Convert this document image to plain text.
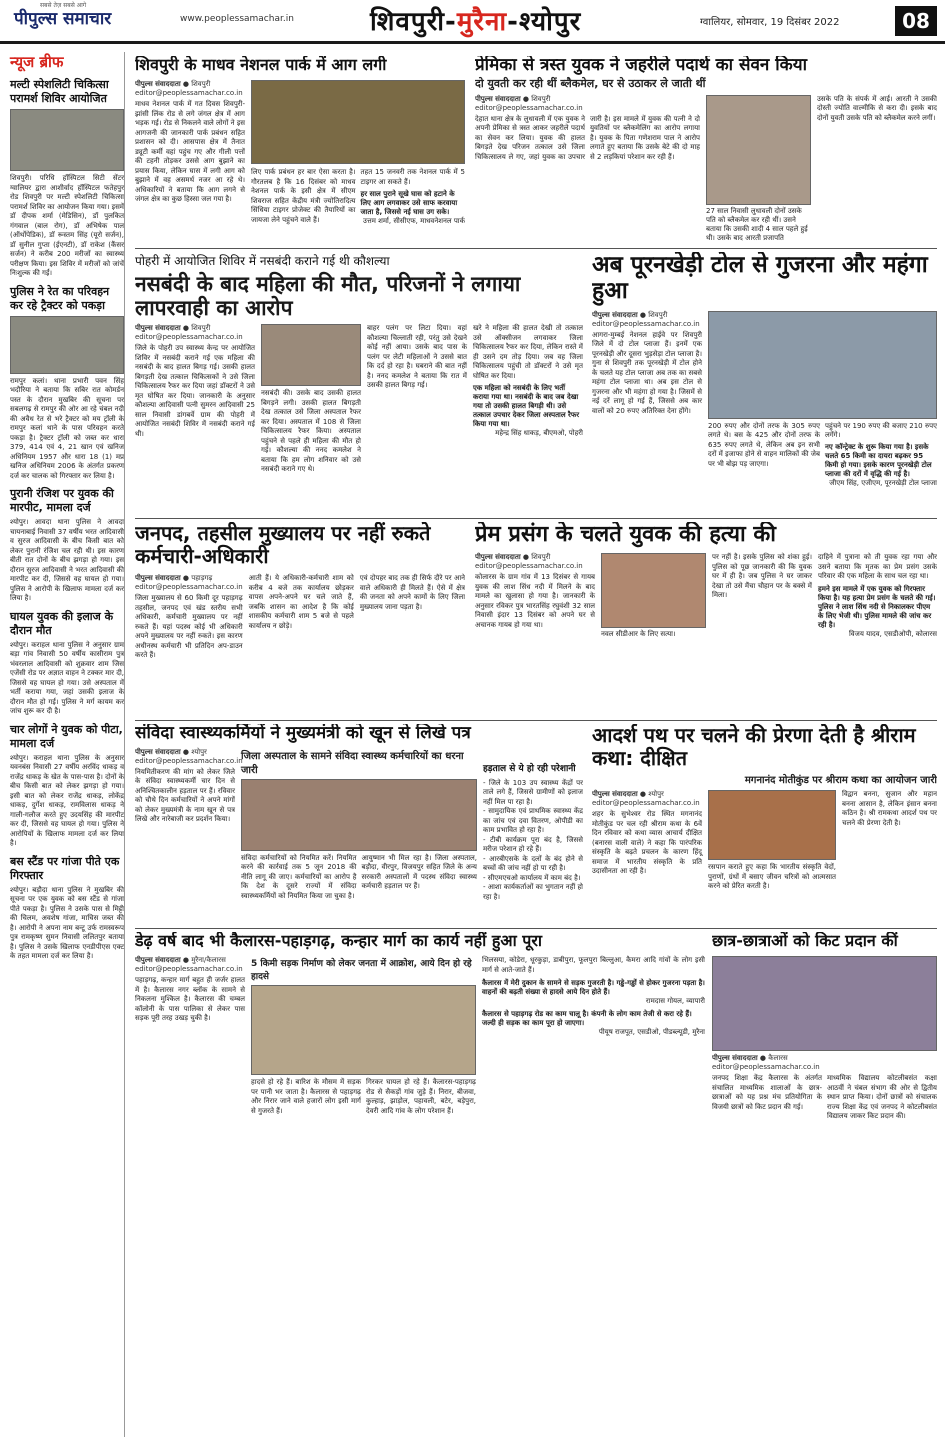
सबसे तेज़ सबसे आगे
पीपुल्स समाचार	www.peoplessamachar.in	शिवपुरी-मुरैना-श्योपुर	ग्वालियर, सोमवार, 19 दिसंबर 2022	08
न्यूज ब्रीफ
मल्टी स्पेशलिटी चिकित्सा परामर्श शिविर आयोजित
शिवपुरी। परिधि हॉस्पिटल सिटी सेंटर ग्वालियर द्वारा आशीर्वाद हॉस्पिटल फतेहपुर रोड शिवपुरी पर मल्टी स्पेशलिटी चिकित्सा परामर्श शिविर का आयोजन किया गया। इसमें डॉ दीपक शर्मा (मेडिसिन), डॉ पुलकित गंगवाल (बाल रोग), डॉ अभिषेक पाल (ऑर्थोपेडिक), डॉ रूस्तम सिंह (यूरो सर्जन), डॉ सुनील गुप्ता (ईएनटी), डॉ राकेश (कैंसर सर्जन) ने करीब 200 मरीजों का स्वास्थ्य परीक्षण किया। इस शिविर में मरीजों को जांचें निःशुल्क की गईं।
पुलिस ने रेत का परिवहन कर रहे ट्रैक्टर को पकड़ा
रामपुर कलां। थाना प्रभारी पवन सिंह भदौरिया ने बताया कि सबिर रात कोमर्डन पस्त के दौरान मुखबिर की सूचना पर सबलगढ़ से रामपुर की ओर आ रहे चंबल नदी की अवैध रेत से भरे ट्रैक्टर को मय ट्रॉली के रामपुर कलां थाने के पास परिवहन करते पकड़ा है। ट्रैक्टर ट्रॉली को जब्त कर धारा 379, 414 एवं 4, 21 खान एवं खनिज अधिनियम 1957 और धारा 18 (1) मप्र खनिज अधिनियम 2006 के अंतर्गत प्रकरण दर्ज कर चालक को गिरफ्तार कर लिया है।
पुरानी रंजिश पर युवक की मारपीट, मामला दर्ज
श्योपुर। आवदा थाना पुलिस ने आवदा चायनाबाई निवासी 37 वर्षीय भरत आदिवासी व सुरज आदिवासी के बीच किसी बात को लेकर पुरानी रंजिश चल रही थी। इस कारण बीती रात दोनों के बीच झगड़ा हो गया। इस दौरान सुरज आदिवासी ने भरत आदिवासी की मारपीट कर दी, जिससे वह घायल हो गया। पुलिस ने आरोपी के खिलाफ मामला दर्ज कर लिया है।
घायल युवक की इलाज के दौरान मौत
श्योपुर। कराहल थाना पुलिस ने अनुसार ग्राम बड़ा गांव निवासी 50 वर्षीय कासीराम पुत्र भंवरलाल आदिवासी को शुक्रवार शाम जिस एजेंसी रोड पर अज्ञात वाहन ने टक्कर मार दी, जिससे वह घायल हो गया। उसे अस्पताल में भर्ती कराया गया, जहां उसकी इलाज के दौरान मौत हो गई। पुलिस ने मर्ग कायम कर जांच शुरू कर दी है।
चार लोगों ने युवक को पीटा, मामला दर्ज
श्योपुर। कराहल थाना पुलिस के अनुसार यवनबंस निवासी 27 वर्षीय अरविंद धाकड़ व राजेंद्र धाकड़ के खेत के पास-पास है। दोनों के बीच किसी बात को लेकर झगड़ा हो गया। इसी बात को लेकर राजेंद्र धाकड़, लोकेंद्र धाकड़, दुर्गेश धाकड़, रामविलास धाकड़ ने गाली-गलौज करते हुए उदयसिंह की मारपीट कर दी, जिससे वह घायल हो गया। पुलिस ने आरोपियों के खिलाफ मामला दर्ज कर लिया है।
बस स्टैंड पर गांजा पीते एक गिरफ्तार
श्योपुर। बड़ौदा थाना पुलिस ने मुखबिर की सूचना पर एक युवक को बस स्टैंड से गांजा पीते पकड़ा है। पुलिस ने उसके पास से मिट्टी की चिलम, अवशेष गांजा, माचिस जब्त की है। आरोपी ने अपना नाम बन्टू उर्फ रामस्वरूप पुत्र रामकृष्ण सुमन निवासी ललितपुर बताया है। पुलिस ने उसके खिलाफ एनडीपीएस एक्ट के तहत मामला दर्ज कर लिया है।
शिवपुरी के माधव नेशनल पार्क में आग लगी
पीपुल्स संवाददाता ● शिवपुरी
editor@peoplessamachar.co.in
माधव नेशनल पार्क में गत दिवस शिवपुरी-झांसी लिंक रोड से लगे जंगल क्षेत्र में आग भड़क गई। रोड से निकलने वाले लोगों ने इस आगजनी की जानकारी पार्क प्रबंधन सहित प्रशासन को दी। आसपास क्षेत्र में तैनात ड्यूटी कर्मी वहां पहुंच गए और गीली पत्तों की टहनी तोड़कर उससे आग बुझाने का प्रयास किया, लेकिन घास में लगी आग को बुझाने में वह असमर्थ नजर आ रहे थे। अधिकारियों ने बताया कि आग लगने से जंगल क्षेत्र का कुछ हिस्सा जल गया है।
लिए पार्क प्रबंधन हर बार ऐसा करता है। गौरतलब है कि 16 दिसंबर को माधव नेशनल पार्क के इसी क्षेत्र में सीएम शिवराज सहित केंद्रीय मंत्री ज्योतिरादित्य सिंधिया टाइगर प्रोजेक्ट की तैयारियों का जायजा लेने पहुंचने वाले हैं।
तहत 15 जनवरी तक नेशनल पार्क में 5 टाइगर आ सकते हैं।
हर साल पुराने सूखे घास को हटाने के लिए आग लगवाकर उसे साफ करवाया जाता है, जिससे नई घास उग सके।
उत्तम शर्मा, सीसीएफ, माधवनेशनल पार्क
प्रेमिका से त्रस्त युवक ने जहरीले पदार्थ का सेवन किया
दो युवती कर रही थीं ब्लैकमेल, घर से उठाकर ले जाती थीं
पीपुल्स संवाददाता ● शिवपुरी
editor@peoplessamachar.co.in
देहात थाना क्षेत्र के लुधावली में एक युवक ने अपनी प्रेमिका से त्रस्त आकर जहरीले पदार्थ का सेवन कर लिया। युवक की हालत बिगड़ते देख परिजन तत्काल उसे जिला चिकित्सालय ले गए, जहां युवक का उपचार जारी है। इस मामले में युवक की पत्नी ने दो युवतियों पर ब्लैकमेलिंग का आरोप लगाया है। युवक के पिता गणेशराम पाल ने आरोप लगाते हुए बताया कि उसके बेटे की दो माह से 2 लड़कियां परेशान कर रही हैं।
27 साल निवासी लुधावली दोनों उसके पति को ब्लैकमेल कर रही थीं। उसने बताया कि उसकी शादी 4 साल पहले हुई थी। उसके बाद आरती प्रजापति
उसके पति के संपर्क में आई। आरती ने उसकी दोस्ती ज्योति वाल्मीकि से करा दी। इसके बाद दोनों युवती उसके पति को ब्लैकमेल करने लगीं।
पोहरी में आयोजित शिविर में नसबंदी कराने गई थी कौशल्या
नसबंदी के बाद महिला की मौत, परिजनों ने लगाया लापरवाही का आरोप
पीपुल्स संवाददाता ● शिवपुरी
editor@peoplessamachar.co.in
जिले के पोहरी उप स्वास्थ्य केन्द्र पर आयोजित शिविर में नसबंदी कराने गई एक महिला की नसबंदी के बाद हालत बिगड़ गई। उसकी हालत बिगड़ती देख तत्काल चिकित्सकों ने उसे जिला चिकित्सालय रैफर कर दिया जहां डॉक्टरों ने उसे मृत घोषित कर दिया। जानकारी के अनुसार कौशल्या आदिवासी पत्नी सुमरन आदिवासी 25 साल निवासी डांगबर्वे ग्राम की पोहरी में आयोजित नसबंदी शिविर में नसबंदी कराने गई थी।
नसबंदी की। उसके बाद उसकी हालत बिगड़ने लगी। उसकी हालत बिगड़ती देख तत्काल उसे जिला अस्पताल रैफर कर दिया। अस्पताल में 108 से जिला चिकित्सालय रैफर किया। अस्पताल पहुंचने से पहले ही महिला की मौत हो गई। कौशल्या की ननद कमलेश ने बताया कि हम लोग शनिवार को उसे नसबंदी कराने गए थे।
बाहर पलंग पर लिटा दिया। वहां कौशल्या चिल्लाती रही, परंतु उसे देखने कोई नहीं आया। उसके बाद पास के पलंग पर लेटी महिलाओं ने उससे बात कि दर्द हो रहा है। घबराने की बात नहीं है। ननद कमलेश ने बताया कि रात में उसकी हालत बिगड़ गई।
खरे ने महिला की हालत देखी तो तत्काल उसे ऑक्सीजन लगवाकर जिला चिकित्सालय रैफर कर दिया, लेकिन रास्ते में ही उसने दम तोड़ दिया। जब वह जिला चिकित्सालय पहुंची तो डॉक्टरों ने उसे मृत घोषित कर दिया।
एक महिला को नसबंदी के लिए भर्ती कराया गया था। नसबंदी के बाद जब देखा गया तो उसकी हालत बिगड़ी थी। उसे तत्काल उपचार देकर जिला अस्पताल रैफर किया गया था।
महेन्द्र सिंह धाकड़, बीएमओ, पोहरी
अब पूरनखेड़ी टोल से गुजरना और महंगा हुआ
पीपुल्स संवाददाता ● शिवपुरी
editor@peoplessamachar.co.in
आगरा-मुम्बई नेशनल हाईवे पर शिवपुरी जिले में दो टोल प्लाजा हैं। इनमें एक पूरनखेड़ी और दूसरा भुड़सेड़ा टोल प्लाजा है। गुना से शिवपुरी तक पूरनखेड़ी में टोल होने के चलते यह टोल प्लाजा अब तक का सबसे महंगा टोल प्लाजा था। अब इस टोल से गुजरना और भी महंगा हो गया है। जिसमें से नई दरें लागू हो गई हैं, जिससे अब कार वालों को 20 रुपए अतिरिक्त देना होंगे।
200 रुपए और दोनों तरफ के 305 रुपए लगते थे। बस के 425 और दोनों तरफ के 635 रुपए लगते थे, लेकिन अब इन सभी दरों में इजाफा होने से वाहन मालिकों की जेब पर भी बोझ पड़ जाएगा।
पहुंचने पर 190 रुपए की बजाए 210 रुपए लगेंगे।
नए कॉन्ट्रेक्ट के शुरू किया गया है। इसके चलते 65 किमी का दायरा बढ़कर 95 किमी हो गया। इसके कारण पूरनखेड़ी टोल प्लाजा की दरों में वृद्धि की गई है।
जीएम सिंह, एजीएम, पूरनखेड़ी टोल प्लाजा
जनपद, तहसील मुख्यालय पर नहीं रुकते कर्मचारी-अधिकारी
पीपुल्स संवाददाता ● पहाड़गढ़
editor@peoplessamachar.co.in
जिला मुख्यालय से 60 किमी दूर पहाड़गढ़ तहसील, जनपद एवं खंड स्तरीय सभी अधिकारी, कर्मचारी मुख्यालय पर नहीं रुकते हैं। यहां पदस्थ कोई भी अधिकारी अपने मुख्यालय पर नहीं रुकते। इस कारण अधीनस्थ कर्मचारी भी प्रतिदिन अप-डाउन करते हैं।
आती हैं। ये अधिकारी-कर्मचारी शाम को करीब 4 बजे तक कार्यालय छोड़कर वापस अपने-अपने घर चले जाते हैं, जबकि शासन का आदेश है कि कोई शासकीय कर्मचारी शाम 5 बजे से पहले कार्यालय न छोड़े।
एवं दोपहर बाद तक ही सिर्फ दौरे पर आने वाले अधिकारी ही मिलते हैं। ऐसे में क्षेत्र की जनता को अपने कामों के लिए जिला मुख्यालय जाना पड़ता है।
प्रेम प्रसंग के चलते युवक की हत्या की
पीपुल्स संवाददाता ● शिवपुरी
editor@peoplessamachar.co.in
कोलारस के ग्राम गांव में 13 दिसंबर से गायब युवक की लाश सिंध नदी में मिलने के बाद मामले का खुलासा हो गया है। जानकारी के अनुसार रविकर पुत्र भारतसिंह रघुवंशी 32 साल निवासी इंदार 13 दिसंबर को अपने घर से अचानक गायब हो गया था।
नवल सीडीआर के लिए सत्या।
पर नहीं है। इसके पुलिस को शंका हुई। पुलिस को पूछ जानकारी की कि युवक घर में ही है। जब पुलिस ने घर जाकर देखा तो उसे मैंचा चौहान पर के बक्से में मिला।
दाहिने में पुत्राना को ती युवक रहा गया और उसने बताया कि मृतक का प्रेम प्रसंग उसके परिवार की एक महिला के साथ चल रहा था।
हमने इस मामले में एक युवक को गिरफ्तार किया है। यह हत्या प्रेम प्रसंग के चलते की गई। पुलिस ने लाश सिंध नदी से निकालकर पीएम के लिए भेजी थी। पुलिस मामले की जांच कर रही है।
विजय यादव, एसडीओपी, कोलारस
संविदा स्वास्थ्यकर्मियों ने मुख्यमंत्री को खून से लिखे पत्र
पीपुल्स संवाददाता ● श्योपुर
editor@peoplessamachar.co.in
नियमितीकरण की मांग को लेकर जिले के संविदा स्वास्थ्यकर्मी चार दिन से अनिश्चितकालीन हड़ताल पर हैं। रविवार को चौथे दिन कर्मचारियों ने अपने मांगों को लेकर मुख्यमंत्री के नाम खून से पत्र लिखे और नारेबाजी कर प्रदर्शन किया।
जिला अस्पताल के सामने संविदा स्वास्थ्य कर्मचारियों का धरना जारी
संविदा कर्मचारियों को नियमित करें। नियमित करने की कार्रवाई तक 5 जून 2018 की नीति लागू की जाए। कर्मचारियों का आरोप है कि देश के दूसरे राज्यों में संविदा स्वास्थ्यकर्मियों को नियमित किया जा चुका है।
आयुष्मान भी मिल रहा है। जिला अस्पताल, बड़ौदा, वीरपुर, विजयपुर सहित जिले के अन्य सरकारी अस्पतालों में पदस्थ संविदा स्वास्थ्य कर्मचारी हड़ताल पर हैं।
हड़ताल से ये हो रही परेशानी
- जिले के 103 उप स्वास्थ्य केंद्रों पर ताले लगे हैं, जिससे ग्रामीणों को इलाज नहीं मिल पा रहा है।
- सामुदायिक एवं प्राथमिक स्वास्थ्य केंद्र का जांच एवं दवा वितरण, ओपीडी का काम प्रभावित हो रहा है।
- टीबी कार्यक्रम पूरा बंद है, जिससे मरीज परेशान हो रहे हैं।
- आरबीएसके के दलों के बंद होने से बच्चों की जांच नहीं हो पा रही है।
- सीएमएचओ कार्यालय में काम बंद है।
- आशा कार्यकर्ताओं का भुगतान नहीं हो रहा है।
आदर्श पथ पर चलने की प्रेरणा देती है श्रीराम कथा: दीक्षित
मगनानंद मोतीकुंड पर श्रीराम कथा का आयोजन जारी
पीपुल्स संवाददाता ● श्योपुर
editor@peoplessamachar.co.in
शहर के सुभेश्वर रोड स्थित मगनानंद मोतीकुंड पर चल रही श्रीराम कथा के 6वें दिन रविवार को कथा व्यास आचार्य दीक्षित (बनारस वाली वाले) ने कहा कि पारंपरिक संस्कृति के बढ़ते प्रचलन के कारण हिंदू समाज में भारतीय संस्कृति के प्रति उदासीनता आ रही है।	रसपान कराते हुए कहा कि भारतीय संस्कृति वेदों, पुराणों, ग्रंथों में बसाए जीवन चरित्रों को आत्मसात करने को प्रेरित करती है।
विद्वान बनना, सुजान और महान बनना आसान है, लेकिन इंसान बनना कठिन है। श्री रामकथा आदर्श पथ पर चलने की प्रेरणा देती है।
डेढ़ वर्ष बाद भी कैलारस-पहाड़गढ़, कन्हार मार्ग का कार्य नहीं हुआ पूरा
पीपुल्स संवाददाता ● मुरैना/कैलारस
editor@peoplessamachar.co.in
पहाड़गढ़, कन्हार मार्ग बहुत ही जर्जर हालत में है। कैलारस नगर ब्लॉक के सामने से निकलना मुश्किल है। कैलारस की चम्बल कॉलोनी के पास पालिका से लेकर पास सड़क पूरी तरह उखड़ चुकी है।
5 किमी सड़क निर्माण को लेकर जनता में आक्रोश, आये दिन हो रहे हादसे
हादसे हो रहे हैं। बारिश के मौसम में सड़क पर पानी भर जाता है। कैलारस से पहाड़गढ़ और निरार जाने वाले हजारों लोग इसी मार्ग से गुजरते हैं।
गिरकर घायल हो रहे हैं। कैलारस-पहाड़गढ़ रोड से सैकड़ों गांव जुड़े हैं। निरार, बीजवा, कुल्हाड़, झाड़ोल, पहावली, बटेर, बड़ेपुरा, देवरी आदि गांव के लोग परेशान हैं।
भिलसया, कोडेरा, धूरकुड़ा, डाबीपुरा, फूलपुरा बिल्लुआ, कैमरा आदि गांवों के लोग इसी मार्ग से आते-जाते हैं।
कैलारस में मेरी दुकान के सामने से सड़क गुजरती है। गड्ढे-गड्ढों से होकर गुजरना पड़ता है। वाहनों की बढ़ती संख्या से हादसे आये दिन होते हैं।
रामदास गोयल, व्यापारी
कैलारस से पहाड़गढ़ रोड का काम चालू है। कंपनी के लोग काम तेजी से करा रहे हैं। जल्दी ही सड़क का काम पूरा हो जाएगा।
पीयूष राजपूत, एसडीओ, पीडब्ल्यूडी, मुरैना
छात्र-छात्राओं को किट प्रदान कीं
पीपुल्स संवाददाता ● कैलारस
editor@peoplessamachar.co.in
जनपद शिक्षा केंद्र कैलारस के अंतर्गत संचालित माध्यमिक शालाओं के छात्र-छात्राओं को यह प्रश्न मंच प्रतियोगिता के विजयी छात्रों को किट प्रदान की गई।
माध्यमिक विद्यालय कोटलीबसंत कक्षा आठवीं ने चंबल संभाग की ओर से द्वितीय स्थान प्राप्त किया। दोनों छात्रों को संचालक राज्य शिक्षा केंद्र एवं जनपद ने कोटलीबसंत विद्यालय जाकर किट प्रदान की।
